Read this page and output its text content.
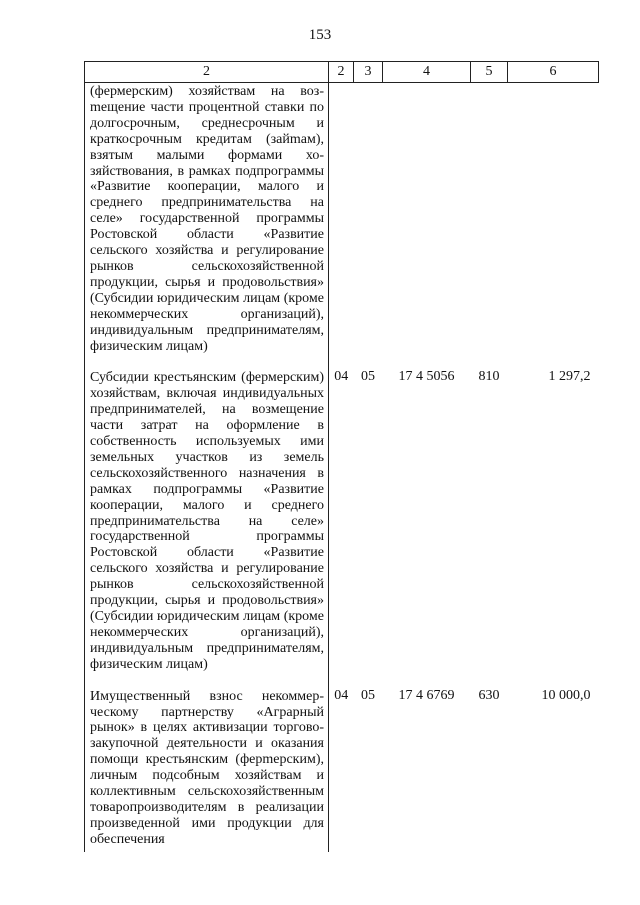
153
2	2	3	4	5	6
(фермерским) хозяйствам на возmещение части процентной ставки по долгосрочным, среднесрочным и краткосрочным кредитам (зайmам), взятым малыми формами хозяйствования, в рамках подпрограммы «Развитие кооперации, малого и среднего предпринимательства на селе» государственной программы Ростовской области «Развитие сельского хозяйства и регулирование рынков сельскохозяйственной продукции, сырья и продовольствия» (Субсидии юридическим лицам (кроме некоммерческих организаций), индивидуальным предпринимателям, физическим лицам)					

Субсидии крестьянским (фермерским) хозяйствам, включая индивидуальных предпринимателей, на возмещение части затрат на оформление в собственность используемых ими земельных участков из земель сельскохозяйственного назначения в рамках подпрограммы «Развитие кооперации, малого и среднего предпринимательства на селе» государственной программы Ростовской области «Развитие сельского хозяйства и регулирование рынков сельскохозяйственной продукции, сырья и продовольствия» (Субсидии юридическим лицам (кроме некоммерческих организаций), индивидуальным предпринимателям, физическим лицам)	04	05	17 4 5056	810	1 297,2

Имущественный взнос некоммерческому партнерству «Аграрный рынок» в целях активизации торгово-закупочной деятельности и оказания помощи крестьянским (ферmерским), личным подсобным хозяйствам и коллективным сельскохозяйственным товаропроизводителям в реализации произведенной ими продукции для обеспечения	04	05	17 4 6769	630	10 000,0
